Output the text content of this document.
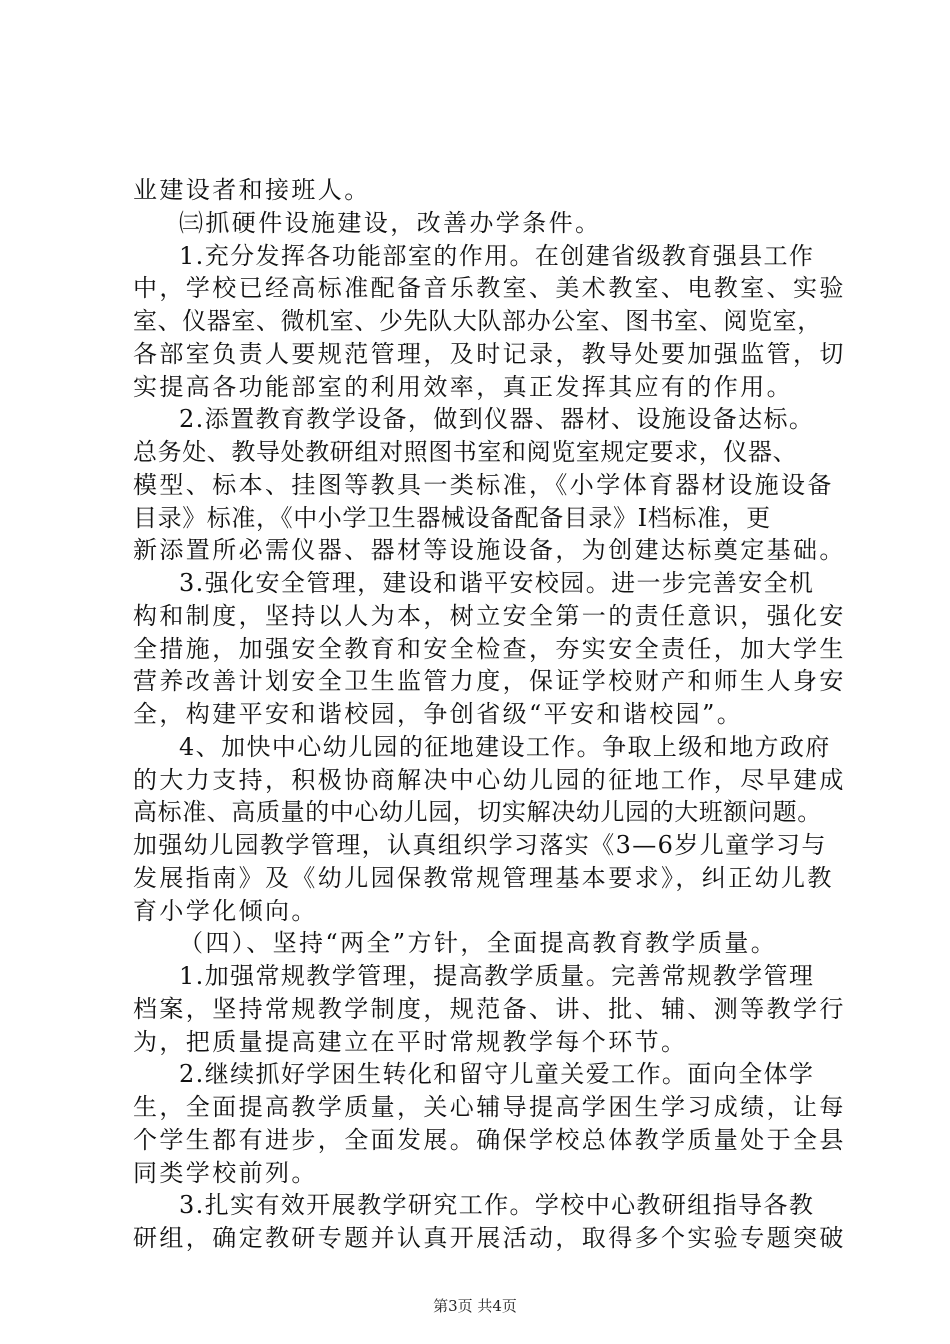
业建设者和接班人。
㈢抓硬件设施建设，改善办学条件。
1.充分发挥各功能部室的作用。在创建省级教育强县工作
中，学校已经高标准配备音乐教室、美术教室、电教室、实验
室、仪器室、微机室、少先队大队部办公室、图书室、阅览室，
各部室负责人要规范管理，及时记录，教导处要加强监管，切
实提高各功能部室的利用效率，真正发挥其应有的作用。
2.添置教育教学设备，做到仪器、器材、设施设备达标。
总务处、教导处教研组对照图书室和阅览室规定要求，仪器、
模型、标本、挂图等教具一类标准，《小学体育器材设施设备
目录》标准，《中小学卫生器械设备配备目录》Ⅰ档标准，更
新添置所必需仪器、器材等设施设备，为创建达标奠定基础。
3.强化安全管理，建设和谐平安校园。进一步完善安全机
构和制度，坚持以人为本，树立安全第一的责任意识，强化安
全措施，加强安全教育和安全检查，夯实安全责任，加大学生
营养改善计划安全卫生监管力度，保证学校财产和师生人身安
全，构建平安和谐校园，争创省级“平安和谐校园”。
4、加快中心幼儿园的征地建设工作。争取上级和地方政府
的大力支持，积极协商解决中心幼儿园的征地工作，尽早建成
高标准、高质量的中心幼儿园，切实解决幼儿园的大班额问题。
加强幼儿园教学管理，认真组织学习落实《3—6岁儿童学习与
发展指南》及《幼儿园保教常规管理基本要求》，纠正幼儿教
育小学化倾向。
（四）、坚持“两全”方针，全面提高教育教学质量。
1.加强常规教学管理，提高教学质量。完善常规教学管理
档案，坚持常规教学制度，规范备、讲、批、辅、测等教学行
为，把质量提高建立在平时常规教学每个环节。
2.继续抓好学困生转化和留守儿童关爱工作。面向全体学
生，全面提高教学质量，关心辅导提高学困生学习成绩，让每
个学生都有进步，全面发展。确保学校总体教学质量处于全县
同类学校前列。
3.扎实有效开展教学研究工作。学校中心教研组指导各教
研组，确定教研专题并认真开展活动，取得多个实验专题突破
第3页 共4页
